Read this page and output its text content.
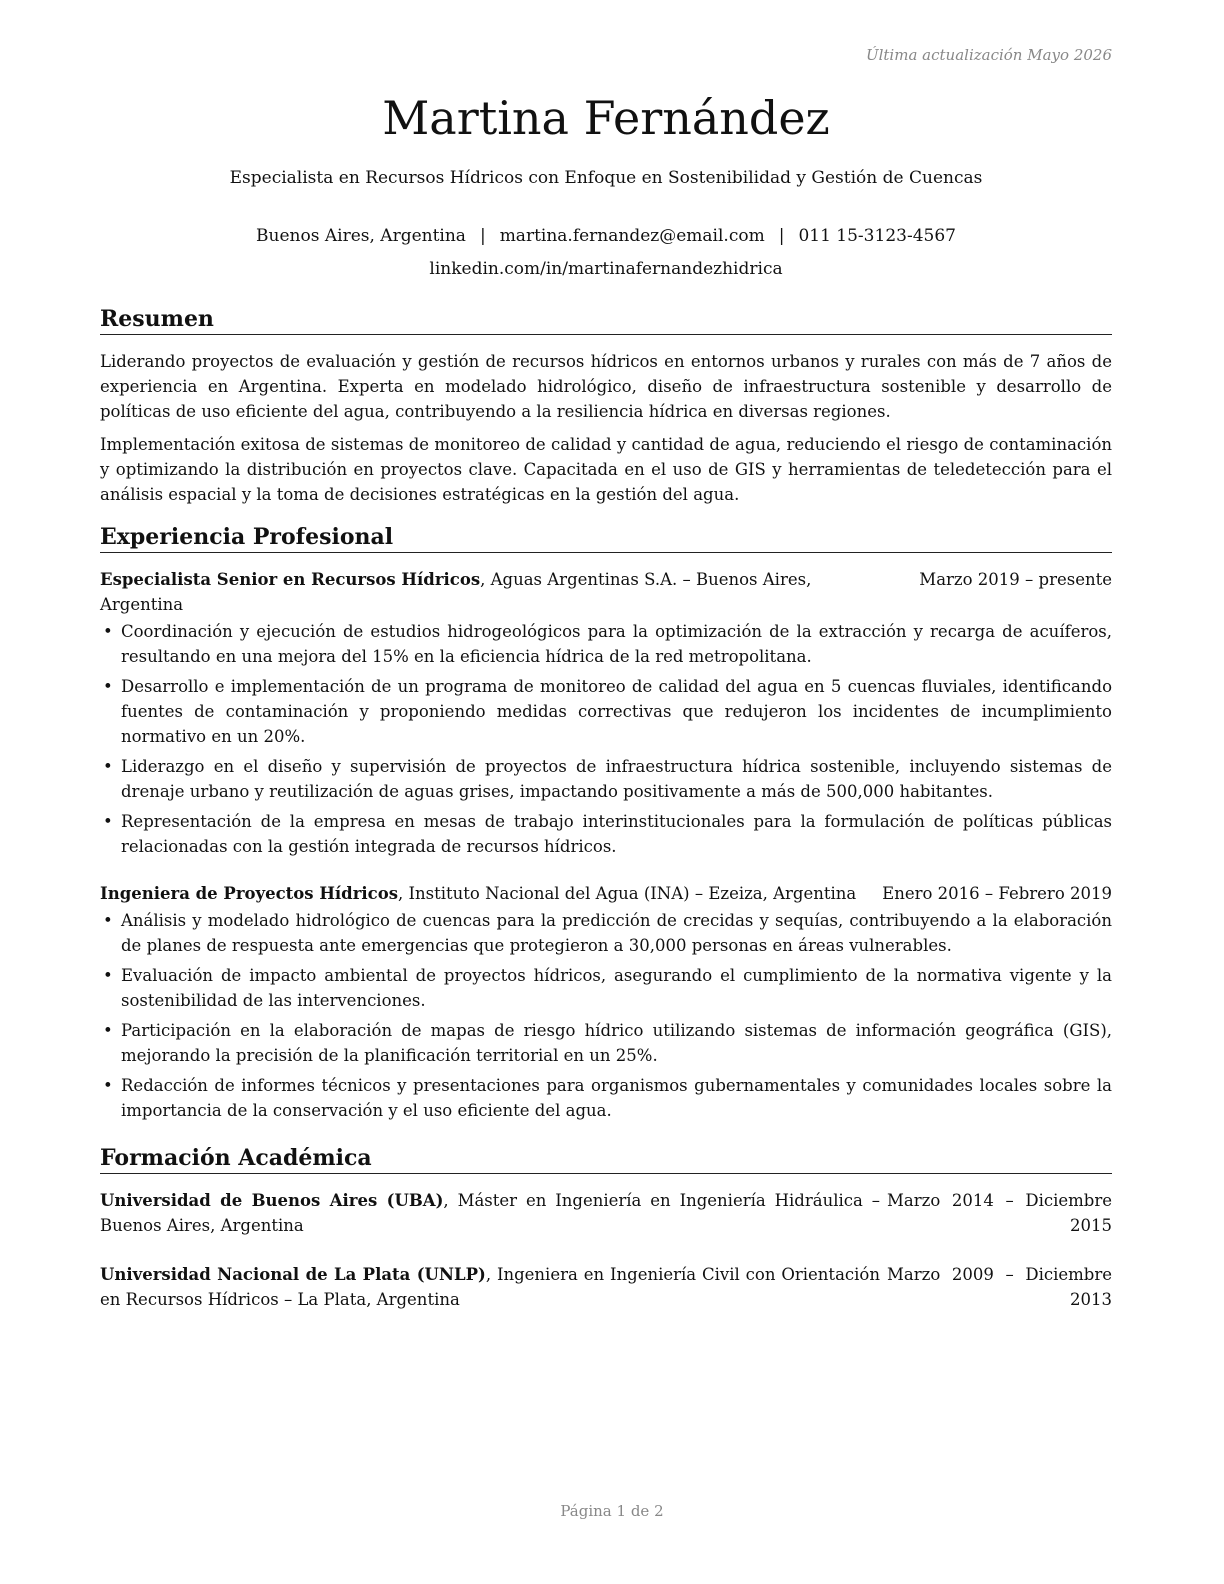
Última actualización Mayo 2026
Martina Fernández
Especialista en Recursos Hídricos con Enfoque en Sostenibilidad y Gestión de Cuencas
Buenos Aires, Argentina | martina.fernandez@email.com | 011 15-3123-4567
linkedin.com/in/martinafernandezhidrica
Resumen

Liderando proyectos de evaluación y gestión de recursos hídricos en entornos urbanos y rurales con más de 7 años de experiencia en Argentina. Experta en modelado hidrológico, diseño de infraestructura sostenible y desarrollo de políticas de uso eficiente del agua, contribuyendo a la resiliencia hídrica en diversas regiones.

Implementación exitosa de sistemas de monitoreo de calidad y cantidad de agua, reduciendo el riesgo de contaminación y optimizando la distribución en proyectos clave. Capacitada en el uso de GIS y herramientas de teledetección para el análisis espacial y la toma de decisiones estratégicas en la gestión del agua.

Experiencia Profesional
Especialista Senior en Recursos Hídricos, Aguas Argentinas S.A. – Buenos Aires, Argentina
Marzo 2019 – presente
• Coordinación y ejecución de estudios hidrogeológicos para la optimización de la extracción y recarga de acuíferos, resultando en una mejora del 15% en la eficiencia hídrica de la red metropolitana.
• Desarrollo e implementación de un programa de monitoreo de calidad del agua en 5 cuencas fluviales, identificando fuentes de contaminación y proponiendo medidas correctivas que redujeron los incidentes de incumplimiento normativo en un 20%.
• Liderazgo en el diseño y supervisión de proyectos de infraestructura hídrica sostenible, incluyendo sistemas de drenaje urbano y reutilización de aguas grises, impactando positivamente a más de 500,000 habitantes.
• Representación de la empresa en mesas de trabajo interinstitucionales para la formulación de políticas públicas relacionadas con la gestión integrada de recursos hídricos.
Ingeniera de Proyectos Hídricos, Instituto Nacional del Agua (INA) – Ezeiza, Argentina	Enero 2016 – Febrero 2019
• Análisis y modelado hidrológico de cuencas para la predicción de crecidas y sequías, contribuyendo a la elaboración de planes de respuesta ante emergencias que protegieron a 30,000 personas en áreas vulnerables.
• Evaluación de impacto ambiental de proyectos hídricos, asegurando el cumplimiento de la normativa vigente y la sostenibilidad de las intervenciones.
• Participación en la elaboración de mapas de riesgo hídrico utilizando sistemas de información geográfica (GIS), mejorando la precisión de la planificación territorial en un 25%.
• Redacción de informes técnicos y presentaciones para organismos gubernamentales y comunidades locales sobre la importancia de la conservación y el uso eficiente del agua.
Formación Académica
Universidad de Buenos Aires (UBA), Máster en Ingeniería en Ingeniería Hidráulica – Buenos Aires, Argentina
Marzo 2014 – Diciembre 2015
Universidad Nacional de La Plata (UNLP), Ingeniera en Ingeniería Civil con Orientación en Recursos Hídricos – La Plata, Argentina
Marzo 2009 – Diciembre 2013
Página 1 de 2
